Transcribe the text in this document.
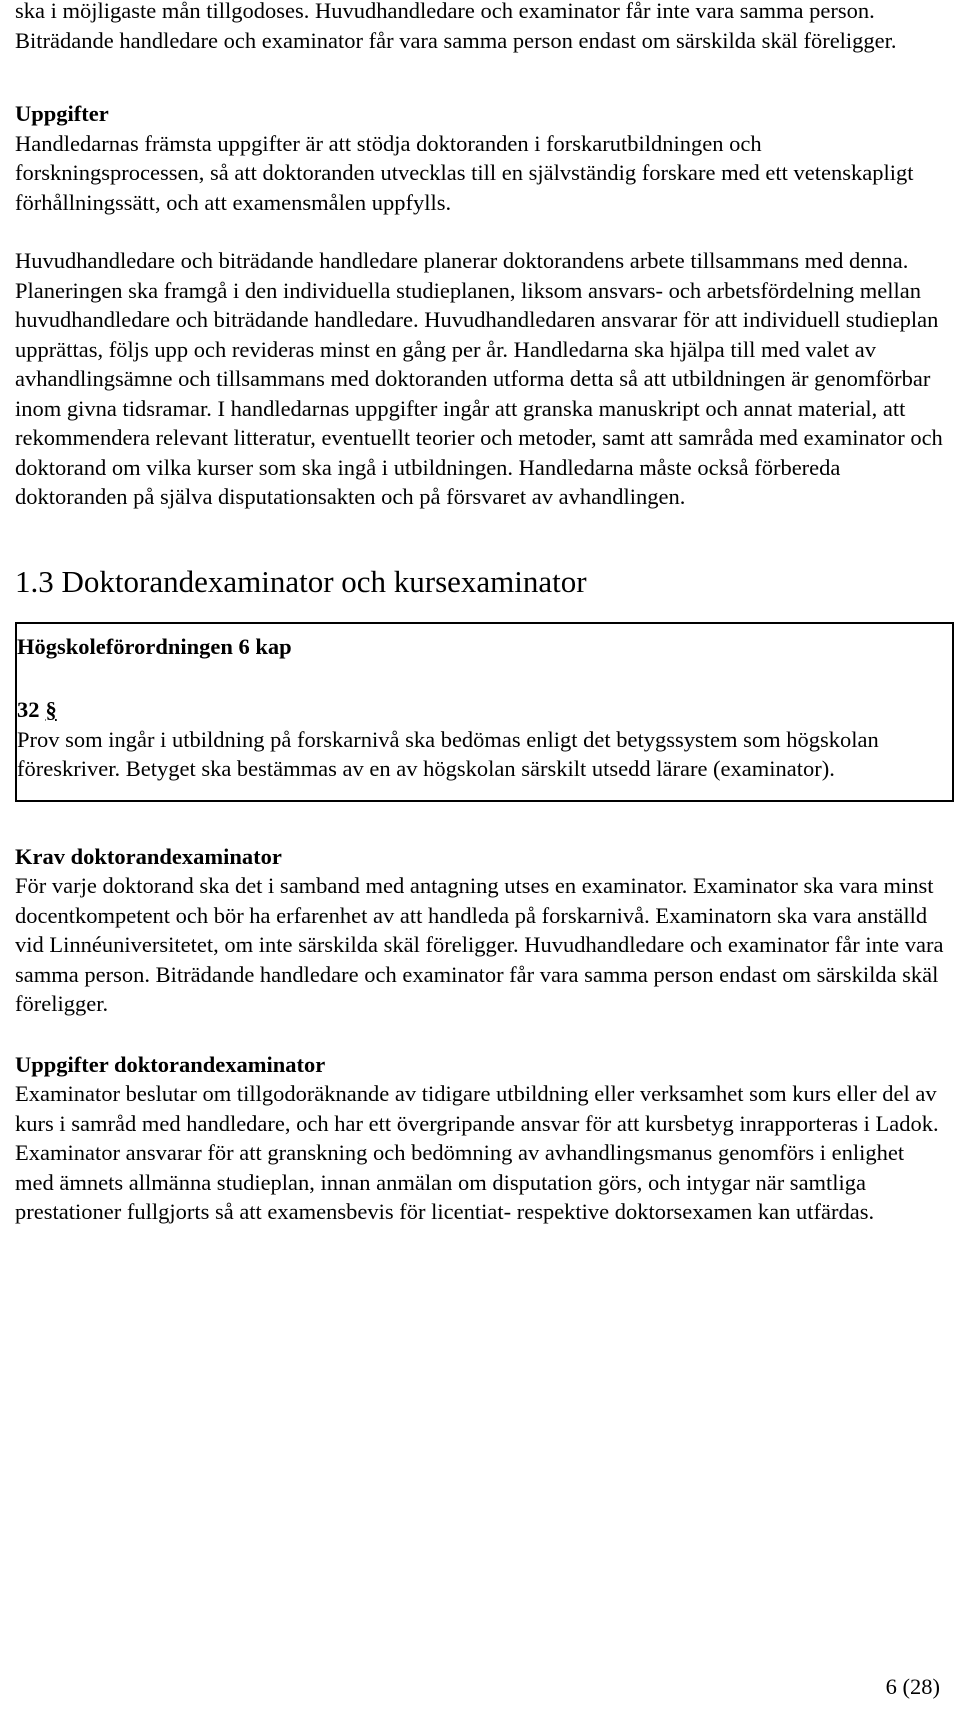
ska i möjligaste mån tillgodoses. Huvudhandledare och examinator får inte vara samma person. Biträdande handledare och examinator får vara samma person endast om särskilda skäl föreligger.

Uppgifter

Handledarnas främsta uppgifter är att stödja doktoranden i forskarutbildningen och forskningsprocessen, så att doktoranden utvecklas till en självständig forskare med ett vetenskapligt förhållningssätt, och att examensmålen uppfylls.

Huvudhandledare och biträdande handledare planerar doktorandens arbete tillsammans med denna. Planeringen ska framgå i den individuella studieplanen, liksom ansvars- och arbetsfördelning mellan huvudhandledare och biträdande handledare. Huvudhandledaren ansvarar för att individuell studieplan upprättas, följs upp och revideras minst en gång per år. Handledarna ska hjälpa till med valet av avhandlingsämne och tillsammans med doktoranden utforma detta så att utbildningen är genomförbar inom givna tidsramar. I handledarnas uppgifter ingår att granska manuskript och annat material, att rekommendera relevant litteratur, eventuellt teorier och metoder, samt att samråda med examinator och doktorand om vilka kurser som ska ingå i utbildningen. Handledarna måste också förbereda doktoranden på själva disputationsakten och på försvaret av avhandlingen.

1.3 Doktorandexaminator och kursexaminator

Högskoleförordningen 6 kap

32 §

Prov som ingår i utbildning på forskarnivå ska bedömas enligt det betygssystem som högskolan föreskriver. Betyget ska bestämmas av en av högskolan särskilt utsedd lärare (examinator).

Krav doktorandexaminator

För varje doktorand ska det i samband med antagning utses en examinator. Examinator ska vara minst docentkompetent och bör ha erfarenhet av att handleda på forskarnivå. Examinatorn ska vara anställd vid Linnéuniversitetet, om inte särskilda skäl föreligger. Huvudhandledare och examinator får inte vara samma person. Biträdande handledare och examinator får vara samma person endast om särskilda skäl föreligger.

Uppgifter doktorandexaminator

Examinator beslutar om tillgodoräknande av tidigare utbildning eller verksamhet som kurs eller del av kurs i samråd med handledare, och har ett övergripande ansvar för att kursbetyg inrapporteras i Ladok. Examinator ansvarar för att granskning och bedömning av avhandlingsmanus genomförs i enlighet med ämnets allmänna studieplan, innan anmälan om disputation görs, och intygar när samtliga prestationer fullgjorts så att examensbevis för licentiat- respektive doktorsexamen kan utfärdas.

6 (28)
